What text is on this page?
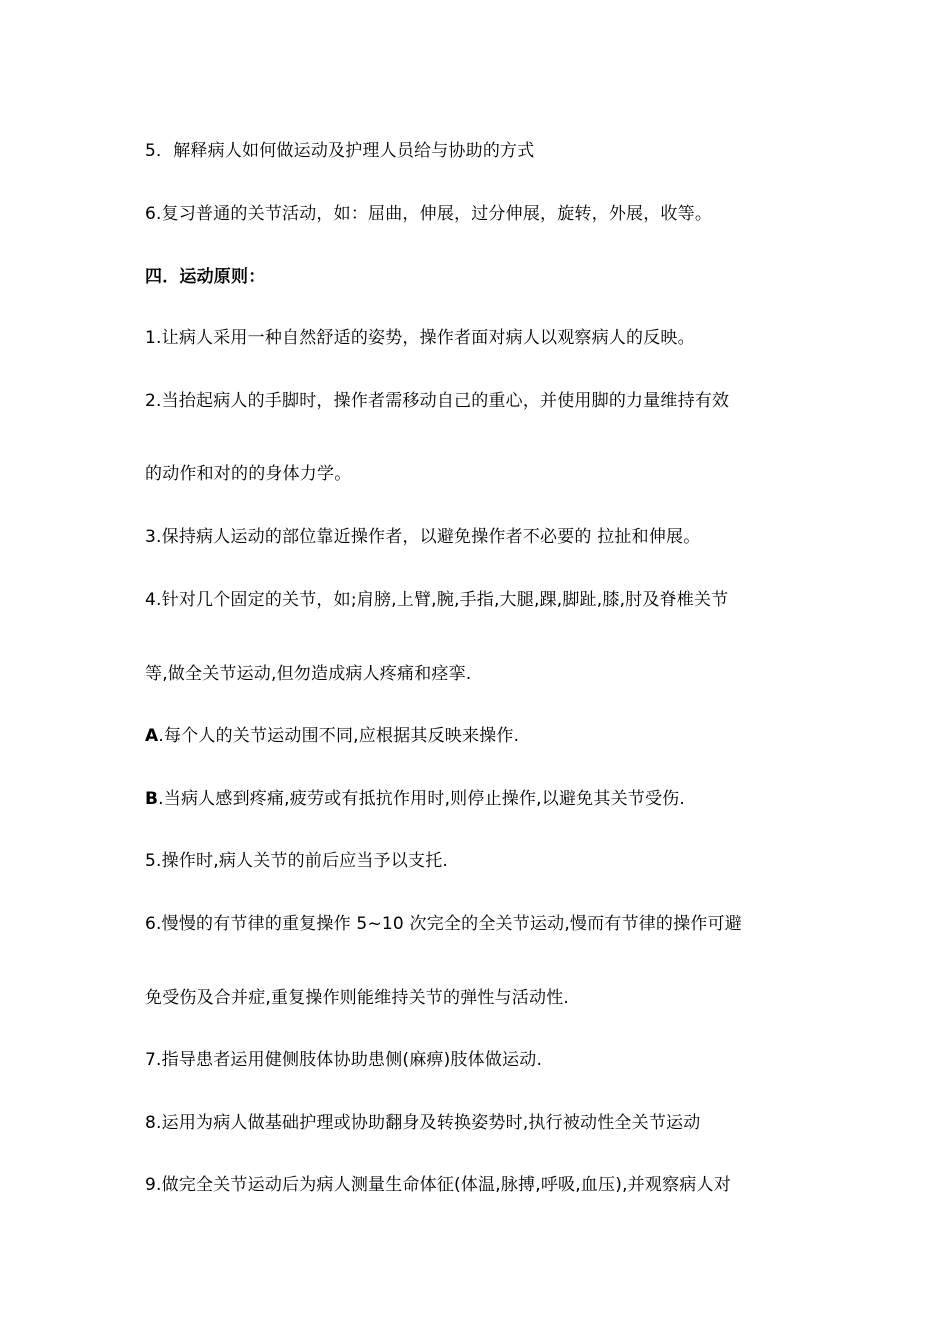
5．解释病人如何做运动及护理人员给与协助的方式
6.复习普通的关节活动，如：屈曲，伸展，过分伸展，旋转，外展，收等。
四．运动原则：
1.让病人采用一种自然舒适的姿势，操作者面对病人以观察病人的反映。
2.当抬起病人的手脚时，操作者需移动自己的重心，并使用脚的力量维持有效
的动作和对的的身体力学。
3.保持病人运动的部位靠近操作者，以避免操作者不必要的 拉扯和伸展。
4.针对几个固定的关节，如;肩膀,上臂,腕,手指,大腿,踝,脚趾,膝,肘及脊椎关节
等,做全关节运动,但勿造成病人疼痛和痉挛.
A.每个人的关节运动围不同,应根据其反映来操作.
B.当病人感到疼痛,疲劳或有抵抗作用时,则停止操作,以避免其关节受伤.
5.操作时,病人关节的前后应当予以支托.
6.慢慢的有节律的重复操作 5~10 次完全的全关节运动,慢而有节律的操作可避
免受伤及合并症,重复操作则能维持关节的弹性与活动性.
7.指导患者运用健侧肢体协助患侧(麻痹)肢体做运动.
8.运用为病人做基础护理或协助翻身及转换姿势时,执行被动性全关节运动
9.做完全关节运动后为病人测量生命体征(体温,脉搏,呼吸,血压),并观察病人对
